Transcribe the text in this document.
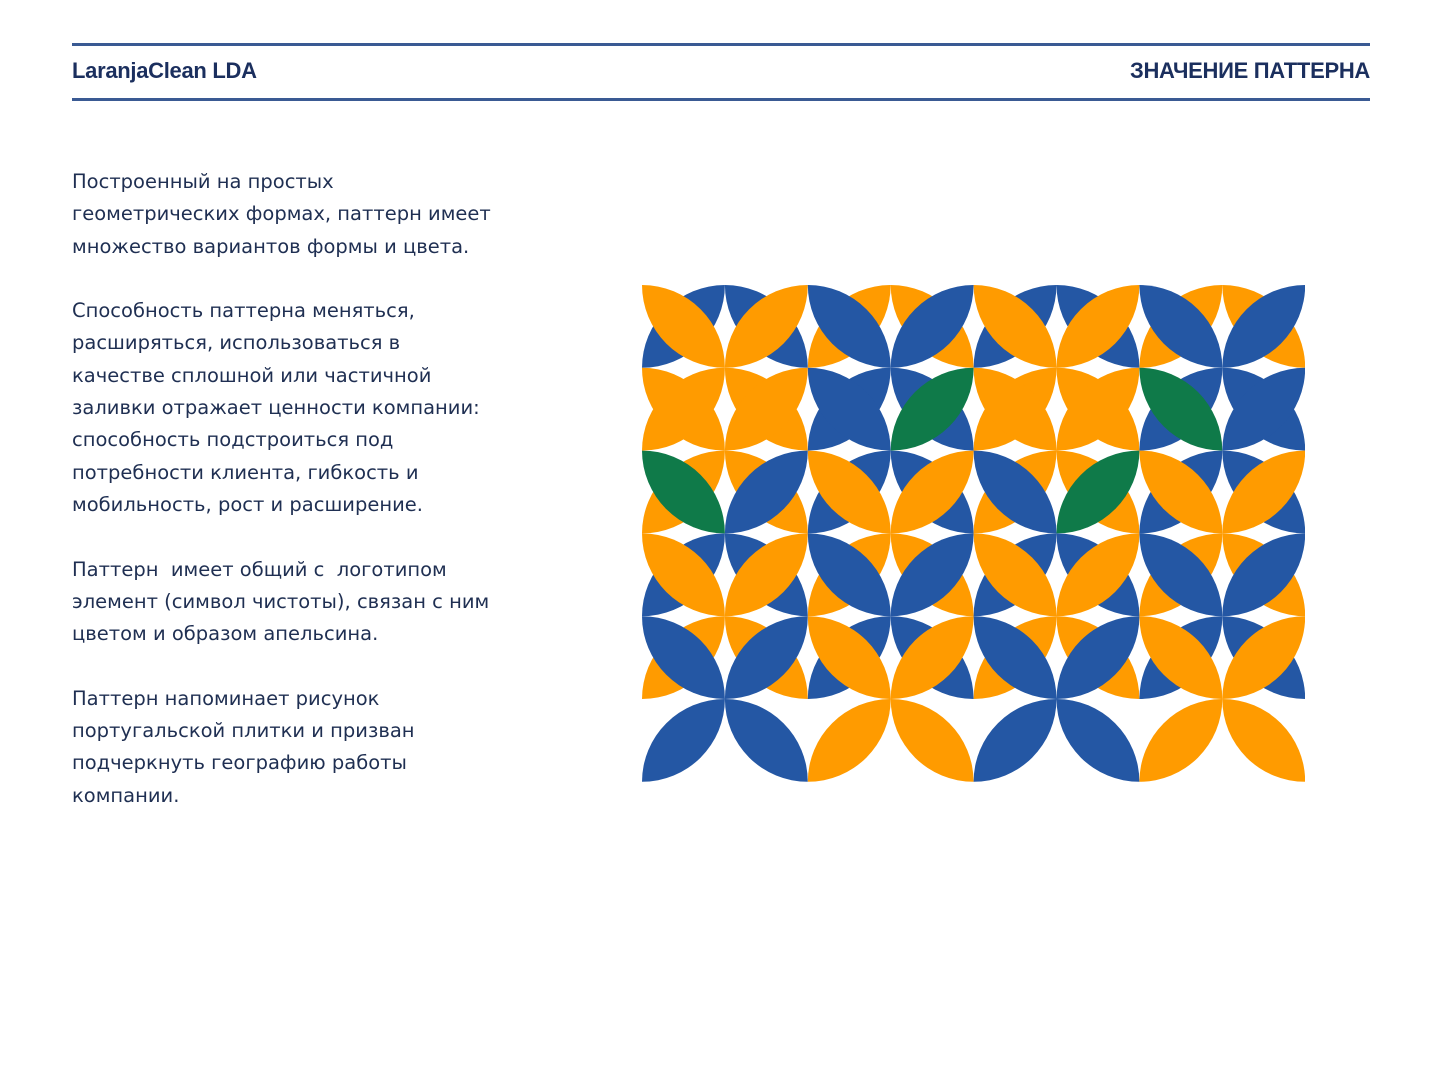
LaranjaClean LDA	ЗНАЧЕНИЕ ПАТТЕРНА

Построенный на простых геометрических формах, паттерн имеет множество вариантов формы и цвета.

Способность паттерна меняться, расширяться, использоваться в качестве сплошной или частичной заливки отражает ценности компании: способность подстроиться под потребности клиента, гибкость и мобильность, рост и расширение.

Паттерн  имеет общий с  логотипом элемент (символ чистоты), связан с ним цветом и образом апельсина.

Паттерн напоминает рисунок португальской плитки и призван подчеркнуть географию работы компании.
